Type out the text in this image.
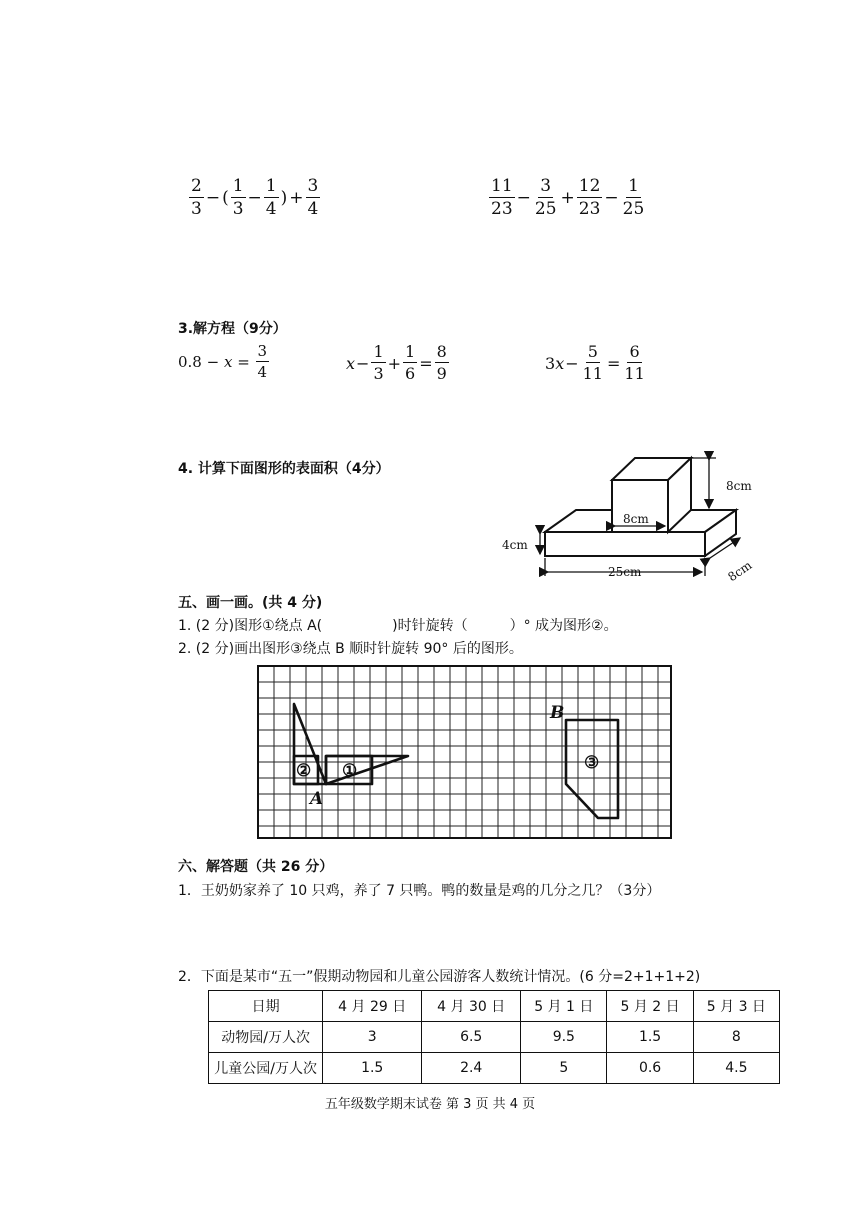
$\frac{2}{3}$ − ( $\frac{1}{3} - \frac{1}{4}$ ) + $\frac{3}{4}$	$\frac{11}{23} - \frac{3}{25} + \frac{12}{23} - \frac{1}{25}$
3.解方程（9分）
$0.8 - x = \frac{3}{4}$	$x - \frac{1}{3} + \frac{1}{6} = \frac{8}{9}$	3 $x - \frac{5}{11} = \frac{6}{11}$
4. 计算下面图形的表面积（4分）
8cm
8cm
4cm
25cm	8cm
五、画一画。(共 4 分)
1. (2 分)图形①绕点 A(	)时针旋转（	）° 成为图形②。
2. (2 分)画出图形③绕点 B 顺时针旋转 90° 后的图形。
② ①	③
A
B
六、解答题（共 26 分）
1．王奶奶家养了 10 只鸡，养了 7 只鸭。鸭的数量是鸡的几分之几？（3分）
2．下面是某市“五一”假期动物园和儿童公园游客人数统计情况。(6 分=2+1+1+2)
日期	4 月 29 日	4 月 30 日	5 月 1 日	5 月 2 日	5 月 3 日
动物园/万人次	3	6.5	9.5	1.5	8
儿童公园/万人次	1.5	2.4	5	0.6	4.5
五年级数学期末试卷 第 3 页 共 4 页
